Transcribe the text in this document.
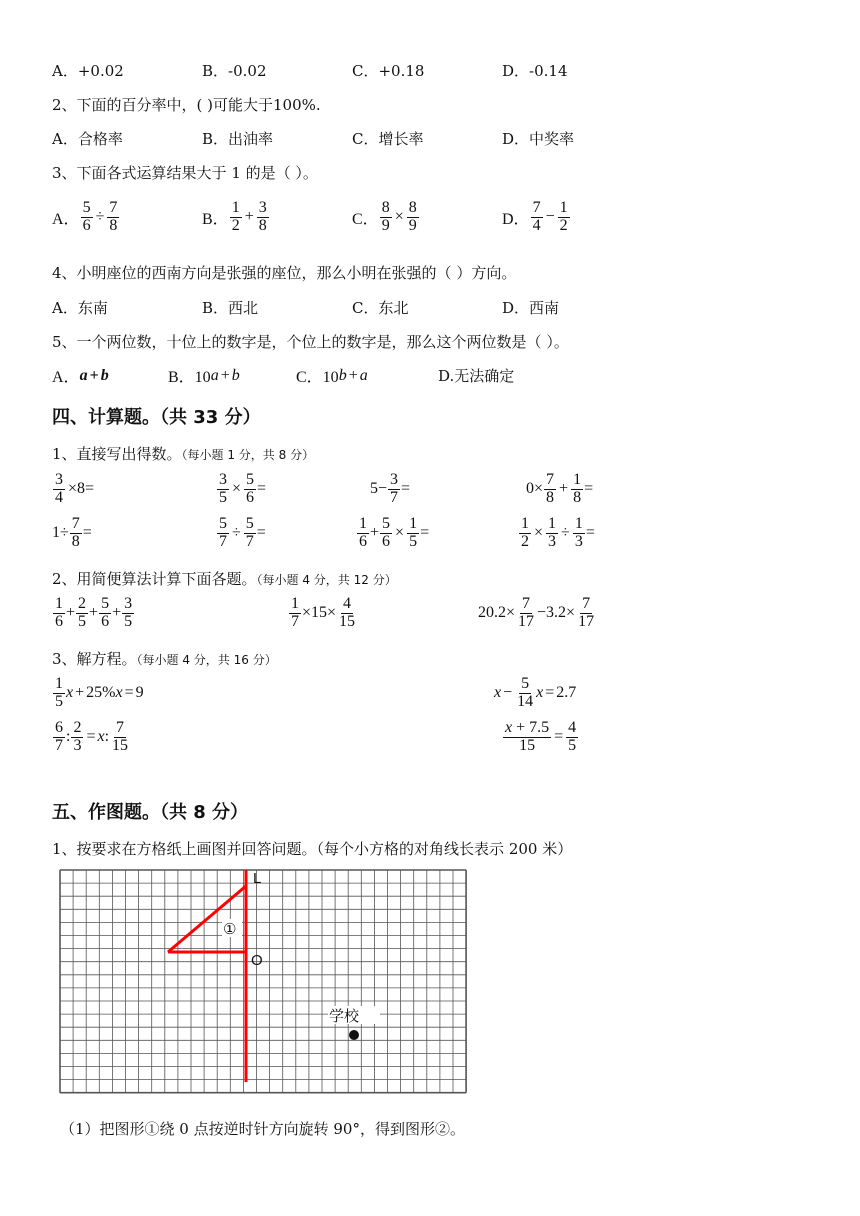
A．+0.02	B．-0.02	C．+0.18	D．-0.14
2、下面的百分率中，( )可能大于100%.
A．合格率	B．出油率	C．增长率	D．中奖率
3、下面各式运算结果大于 1 的是（ ）。
A． $\frac{5}{6} \div \frac{7}{8}$	B． $\frac{1}{2} + \frac{3}{8}$	C． $\frac{8}{9} \times \frac{8}{9}$	D． $\frac{7}{4} - \frac{1}{2}$
4、小明座位的西南方向是张强的座位，那么小明在张强的（ ）方向。
A．东南	B．西北	C．东北	D．西南
5、一个两位数，十位上的数字是，个位上的数字是，那么这个两位数是（ ）。
A． a + b	B．10 a + b	C．10 b + a	D.无法确定
四、计算题。（共 33 分）
1、直接写出得数。（每小题 1 分，共 8 分）
$\frac{3}{4} \times 8=$	$\frac{3}{5} \times \frac{5}{6}$ =	$5- \frac{3}{7}$ =	$0\times \frac{7}{8} + \frac{1}{8}$ =
$1\div \frac{7}{8}$ =	$\frac{5}{7} \div \frac{5}{7}$ =	$\frac{1}{6} + \frac{5}{6} \times \frac{1}{5}$ =	$\frac{1}{2} \times \frac{1}{3} \div \frac{1}{3}$ =
2、用简便算法计算下面各题。（每小题 4 分，共 12 分）
$\frac{1}{6} + \frac{2}{5} + \frac{5}{6} + \frac{3}{5}$	$\frac{1}{7} \times 15\times \frac{4}{15}$	$20.2\times \frac{7}{17} -3.2\times \frac{7}{17}$
3、解方程。（每小题 4 分，共 16 分）
$\frac{1}{5}$ x + 25% x = 9	$x - \frac{5}{14}$ x = 2.7
$\frac{6}{7}$ : $\frac{2}{3} = x$ : $\frac{7}{15}$	$\frac{x + 7.5}{15} = \frac{4}{5}$
五、作图题。（共 8 分）
1、按要求在方格纸上画图并回答问题。（每个小方格的对角线长表示 200 米）
L
O
①
学校
（1）把图形①绕 0 点按逆时针方向旋转 90°，得到图形②。
